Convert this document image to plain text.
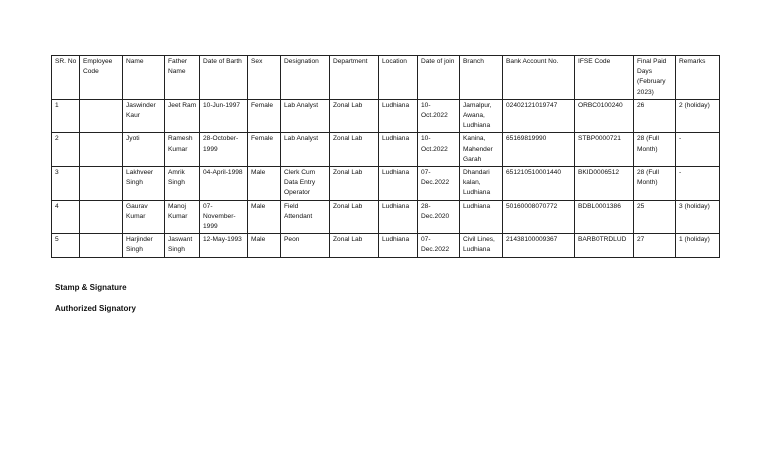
SR. No	Employee Code	Name	Father Name	Date of Barth	Sex	Designation	Department	Location	Date of join	Branch	Bank Account No.	IFSE Code	Final Paid Days (February 2023)	Remarks
1		Jaswinder Kaur	Jeet Ram	10-Jun-1997	Female	Lab Analyst	Zonal Lab	Ludhiana	10-Oct.2022	Jamalpur, Awana, Ludhiana	02402121019747	ORBC0100240	26	2 (holiday)
2		Jyoti	Ramesh Kumar	28-October-1999	Female	Lab Analyst	Zonal Lab	Ludhiana	10-Oct.2022	Kanina, Mahender Garah	65169819990	STBP0000721	28 (Full Month)	-
3		Lakhveer Singh	Amrik Singh	04-April-1998	Male	Clerk Cum Data Entry Operator	Zonal Lab	Ludhiana	07-Dec.2022	Dhandari kalan, Ludhiana	651210510001440	BKID0006512	28 (Full Month)	-
4		Gaurav Kumar	Manoj Kumar	07-November-1999	Male	Field Attendant	Zonal Lab	Ludhiana	28-Dec.2020	Ludhiana	50160008070772	BDBL0001386	25	3 (holiday)
5		Harjinder Singh	Jaswant Singh	12-May-1993	Male	Peon	Zonal Lab	Ludhiana	07-Dec.2022	Civil Lines, Ludhiana	21438100009367	BARB0TRDLUD	27	1 (holiday)
Stamp & Signature
Authorized Signatory
